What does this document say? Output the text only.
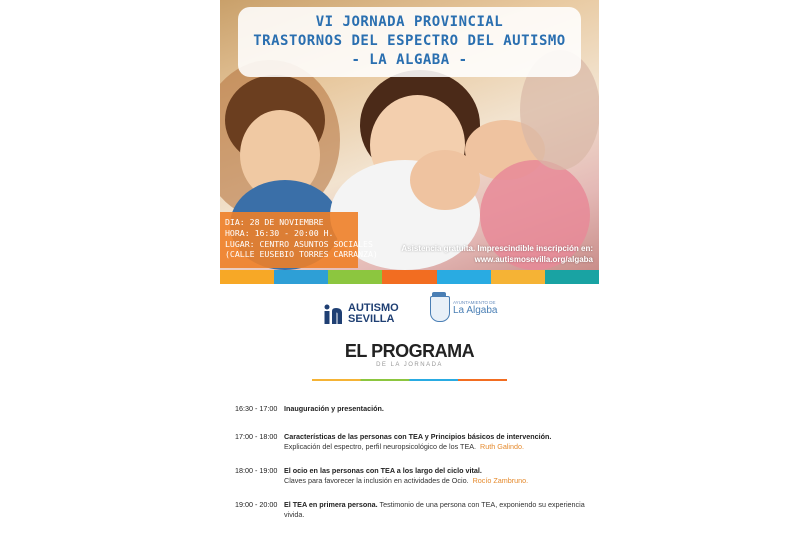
VI JORNADA PROVINCIAL
TRASTORNOS DEL ESPECTRO DEL AUTISMO
- LA ALGABA -
DIA: 28 DE NOVIEMBRE
HORA: 16:30 - 20:00 H.
LUGAR: CENTRO ASUNTOS SOCIALES
(CALLE EUSEBIO TORRES CARRANZA)
Asistencia gratuita. Imprescindible inscripción en:
www.autismosevilla.org/algaba
AUTISMO
SEVILLA
AYUNTAMIENTO DE
La Algaba
EL PROGRAMA
DE LA JORNADA
16:30 - 17:00 Inauguración y presentación.
17:00 - 18:00 Características de las personas con TEA y Principios básicos de intervención.
Explicación del espectro, perfil neuropsicológico de los TEA. Ruth Galindo.
18:00 - 19:00 El ocio en las personas con TEA a los largo del ciclo vital.
Claves para favorecer la inclusión en actividades de Ocio. Rocío Zambruno.
19:00 - 20:00 El TEA en primera persona. Testimonio de una persona con TEA, exponiendo su experiencia vivida.
